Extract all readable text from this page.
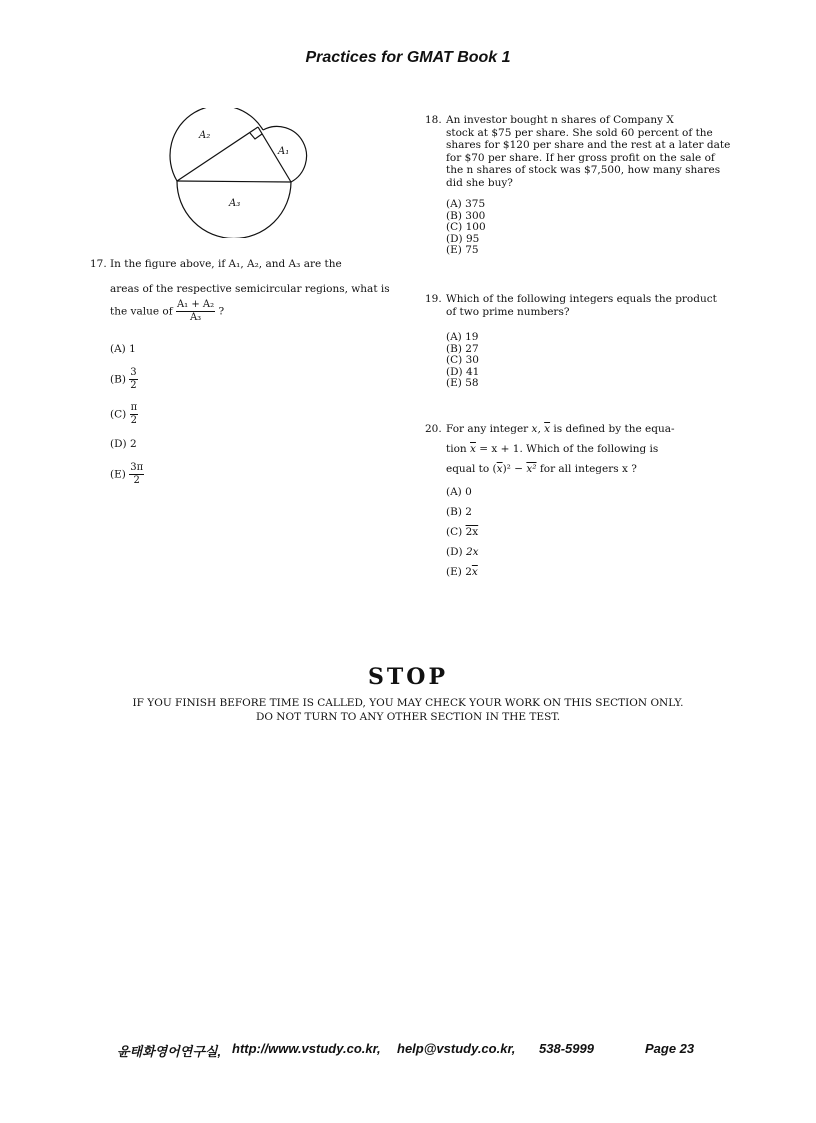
Practices for GMAT Book 1
A₂
A₁
A₃
17. In the figure above, if A₁, A₂, and A₃ are the
areas of the respective semicircular regions, what is
the value of $\frac{\text{A₁ + A₂}}{\text{A₃}}$ ?
(A) 1
$(B) \frac{3}{2}$
$(C) \frac{\pi}{2}$
(D) 2
$(E) \frac{3\pi}{2}$
18. An investor bought n shares of Company X
stock at $75 per share. She sold 60 percent of the
shares for $120 per share and the rest at a later date
for $70 per share. If her gross profit on the sale of
the n shares of stock was $7,500, how many shares
did she buy?
(A) 375
(B) 300
(C) 100
(D) 95
(E) 75
19. Which of the following integers equals the product
of two prime numbers?
(A) 19
(B) 27
(C) 30
(D) 41
(E) 58
20. For any integer x, $\overline{x}$ is defined by the equa-
tion $\overline{x} = x + 1$. Which of the following is
equal to $(\overline{x})^2 - x^2$ for all integers x ?
(A) 0
(B) 2
(C) 2x
(D) 2x
(E) $2\overline{x}$
STOP
IF YOU FINISH BEFORE TIME IS CALLED, YOU MAY CHECK YOUR WORK ON THIS SECTION ONLY.
DO NOT TURN TO ANY OTHER SECTION IN THE TEST.
윤태화영어연구실, http://www.vstudy.co.kr, help@vstudy.co.kr, 538-5999	Page 23
